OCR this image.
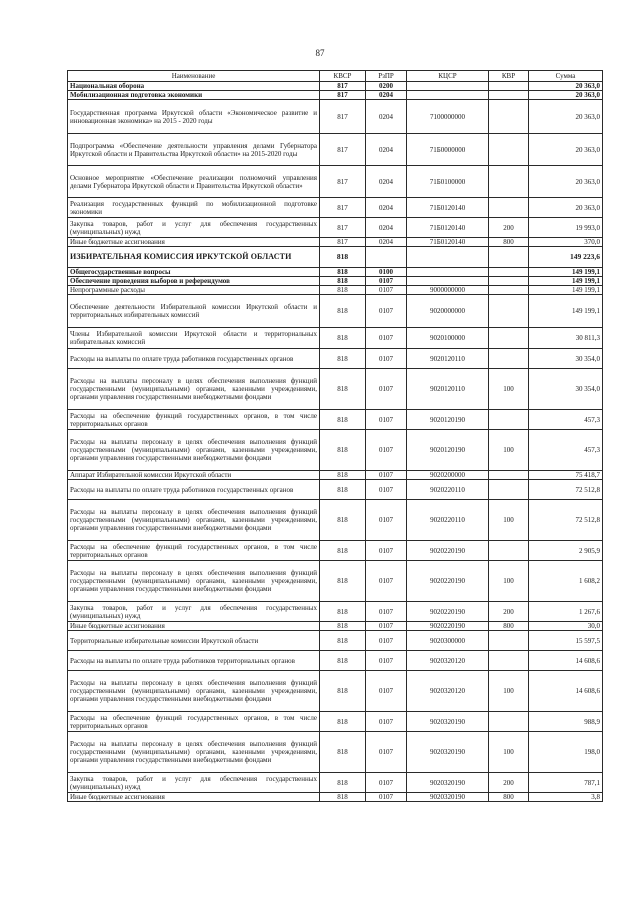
87
Наименование	КВСР	РзПР	КЦСР	КВР	Сумма
Национальная оборона	817	0200			20 363,0
Мобилизационная подготовка экономики	817	0204			20 363,0
Государственная программа Иркутской области «Экономическое развитие и инновационная экономика» на 2015 - 2020 годы	817	0204	7100000000		20 363,0
Подпрограмма «Обеспечение деятельности управления делами Губернатора Иркутской области и Правительства Иркутской области» на 2015-2020 годы	817	0204	71Б0000000		20 363,0
Основное мероприятие «Обеспечение реализации полномочий управления делами Губернатора Иркутской области и Правительства Иркутской области»	817	0204	71Б0100000		20 363,0
Реализация государственных функций по мобилизационной подготовке экономики	817	0204	71Б0120140		20 363,0
Закупка товаров, работ и услуг для обеспечения государственных (муниципальных) нужд	817	0204	71Б0120140	200	19 993,0
Иные бюджетные ассигнования	817	0204	71Б0120140	800	370,0
ИЗБИРАТЕЛЬНАЯ КОМИССИЯ ИРКУТСКОЙ ОБЛАСТИ	818				149 223,6
Общегосударственные вопросы	818	0100			149 199,1
Обеспечение проведения выборов и референдумов	818	0107			149 199,1
Непрограммные расходы	818	0107	9000000000		149 199,1
Обеспечение деятельности Избирательной комиссии Иркутской области и территориальных избирательных комиссий	818	0107	9020000000		149 199,1
Члены Избирательной комиссии Иркутской области и территориальных избирательных комиссий	818	0107	9020100000		30 811,3
Расходы на выплаты по оплате труда работников государственных органов	818	0107	9020120110		30 354,0
Расходы на выплаты персоналу в целях обеспечения выполнения функций государственными (муниципальными) органами, казенными учреждениями, органами управления государственными внебюджетными фондами	818	0107	9020120110	100	30 354,0
Расходы на обеспечение функций государственных органов, в том числе территориальных органов	818	0107	9020120190		457,3
Расходы на выплаты персоналу в целях обеспечения выполнения функций государственными (муниципальными) органами, казенными учреждениями, органами управления государственными внебюджетными фондами	818	0107	9020120190	100	457,3
Аппарат Избирательной комиссии Иркутской области	818	0107	9020200000		75 418,7
Расходы на выплаты по оплате труда работников государственных органов	818	0107	9020220110		72 512,8
Расходы на выплаты персоналу в целях обеспечения выполнения функций государственными (муниципальными) органами, казенными учреждениями, органами управления государственными внебюджетными фондами	818	0107	9020220110	100	72 512,8
Расходы на обеспечение функций государственных органов, в том числе территориальных органов	818	0107	9020220190		2 905,9
Расходы на выплаты персоналу в целях обеспечения выполнения функций государственными (муниципальными) органами, казенными учреждениями, органами управления государственными внебюджетными фондами	818	0107	9020220190	100	1 608,2
Закупка товаров, работ и услуг для обеспечения государственных (муниципальных) нужд	818	0107	9020220190	200	1 267,6
Иные бюджетные ассигнования	818	0107	9020220190	800	30,0
Территориальные избирательные комиссии Иркутской области	818	0107	9020300000		15 597,5
Расходы на выплаты по оплате труда работников территориальных органов	818	0107	9020320120		14 608,6
Расходы на выплаты персоналу в целях обеспечения выполнения функций государственными (муниципальными) органами, казенными учреждениями, органами управления государственными внебюджетными фондами	818	0107	9020320120	100	14 608,6
Расходы на обеспечение функций государственных органов, в том числе территориальных органов	818	0107	9020320190		988,9
Расходы на выплаты персоналу в целях обеспечения выполнения функций государственными (муниципальными) органами, казенными учреждениями, органами управления государственными внебюджетными фондами	818	0107	9020320190	100	198,0
Закупка товаров, работ и услуг для обеспечения государственных (муниципальных) нужд	818	0107	9020320190	200	787,1
Иные бюджетные ассигнования	818	0107	9020320190	800	3,8
